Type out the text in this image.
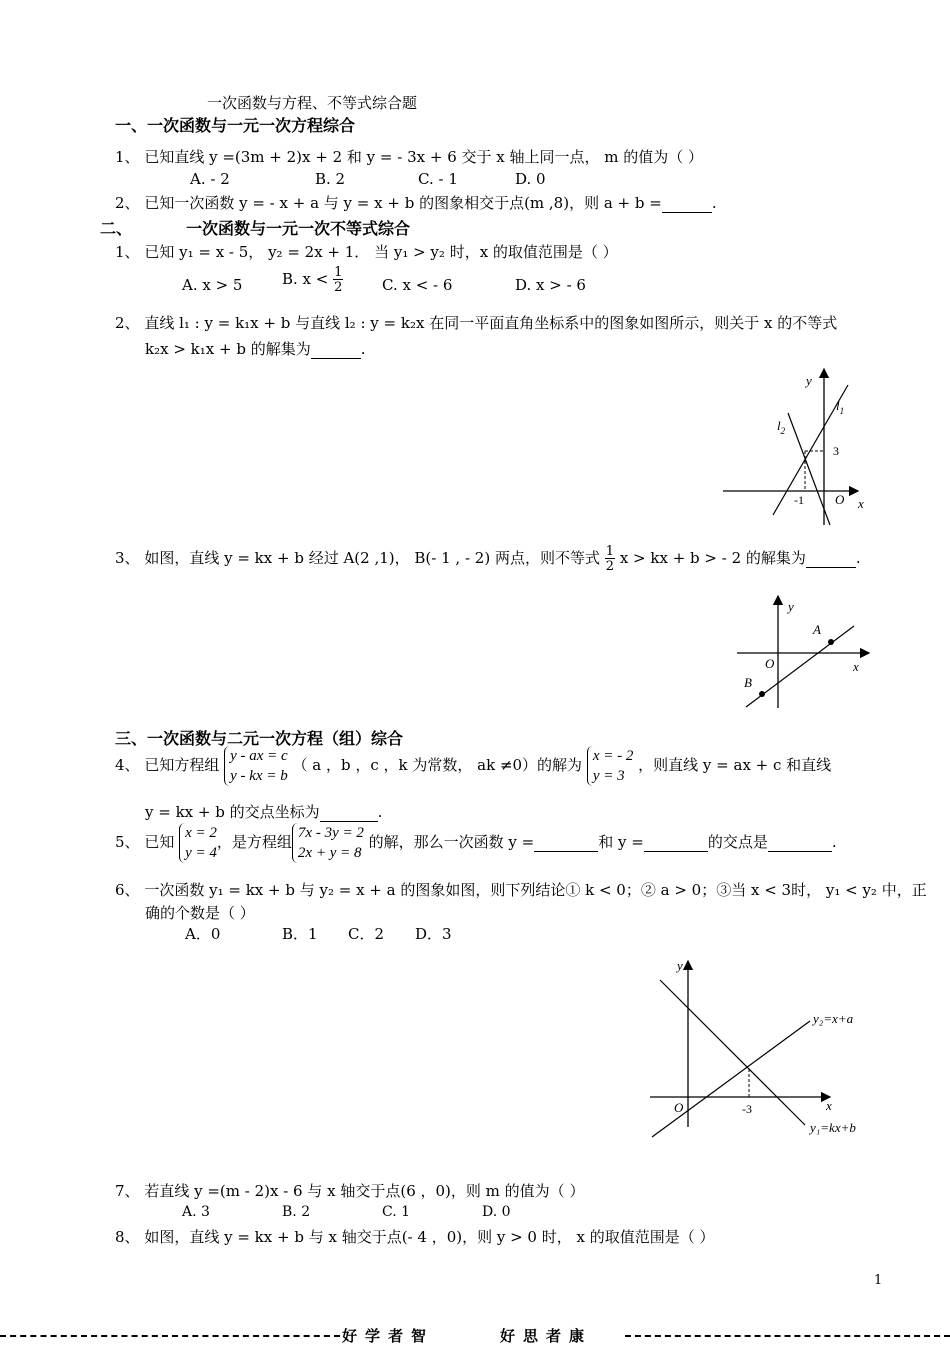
一次函数与方程、不等式综合题
一、一次函数与一元一次方程综合
1、 已知直线 y =(3m + 2)x + 2 和 y = - 3x + 6 交于 x 轴上同一点， m 的值为（ ）
A. - 2	B. 2	C. - 1	D. 0
2、 已知一次函数 y = - x + a 与 y = x + b 的图象相交于点(m ,8)，则 a + b =	.
二、	一次函数与一元一次不等式综合
1、 已知 y₁ = x - 5， y₂ = 2x + 1． 当 y₁ > y₂ 时，x 的取值范围是（ ）
A. x > 5	B. $x < \frac{1}{2}$	C. x < - 6	D. x > - 6
2、 直线 l₁ : y = k₁x + b 与直线 l₂ : y = k₂x 在同一平面直角坐标系中的图象如图所示，则关于 x 的不等式
k₂x > k₁x + b 的解集为	.
y
x
$l_1$
$l_2$
3
-1 O
3、 如图，直线 y = kx + b 经过 A(2 ,1)， B(- 1 , - 2) 两点，则不等式 $\frac{1}{2}$ x > kx + b > - 2 的解集为	.
y
x
A
B
O
三、一次函数与二元一次方程（组）综合
4、 已知方程组 y - ax = c
y - kx = b
（ a ，b ，c ，k 为常数， ak ≠0）的解为 x = - 2
y = 3
，则直线 y = ax + c 和直线
y = kx + b 的交点坐标为	.
5、 已知 x = 2
y = 4
，是方程组 7x - 3y = 2
2x + y = 8
的解，那么一次函数 y =	和 y =	的交点是	.
6、 一次函数 y₁ = kx + b 与 y₂ = x + a 的图象如图，则下列结论① k < 0；② a > 0；③当 x < 3时， y₁ < y₂ 中，正
确的个数是（ ）
A．0	B．1 C．2 D．3
y
x
O	-3
y₂=x+a
y₁=kx+b
7、 若直线 y =(m - 2)x - 6 与 x 轴交于点(6 ，0)，则 m 的值为（ ）
A. 3	B. 2	C. 1	D. 0
8、 如图，直线 y = kx + b 与 x 轴交于点(- 4 ，0)，则 y > 0 时， x 的取值范围是（ ）
1
好学者智	好思者康
